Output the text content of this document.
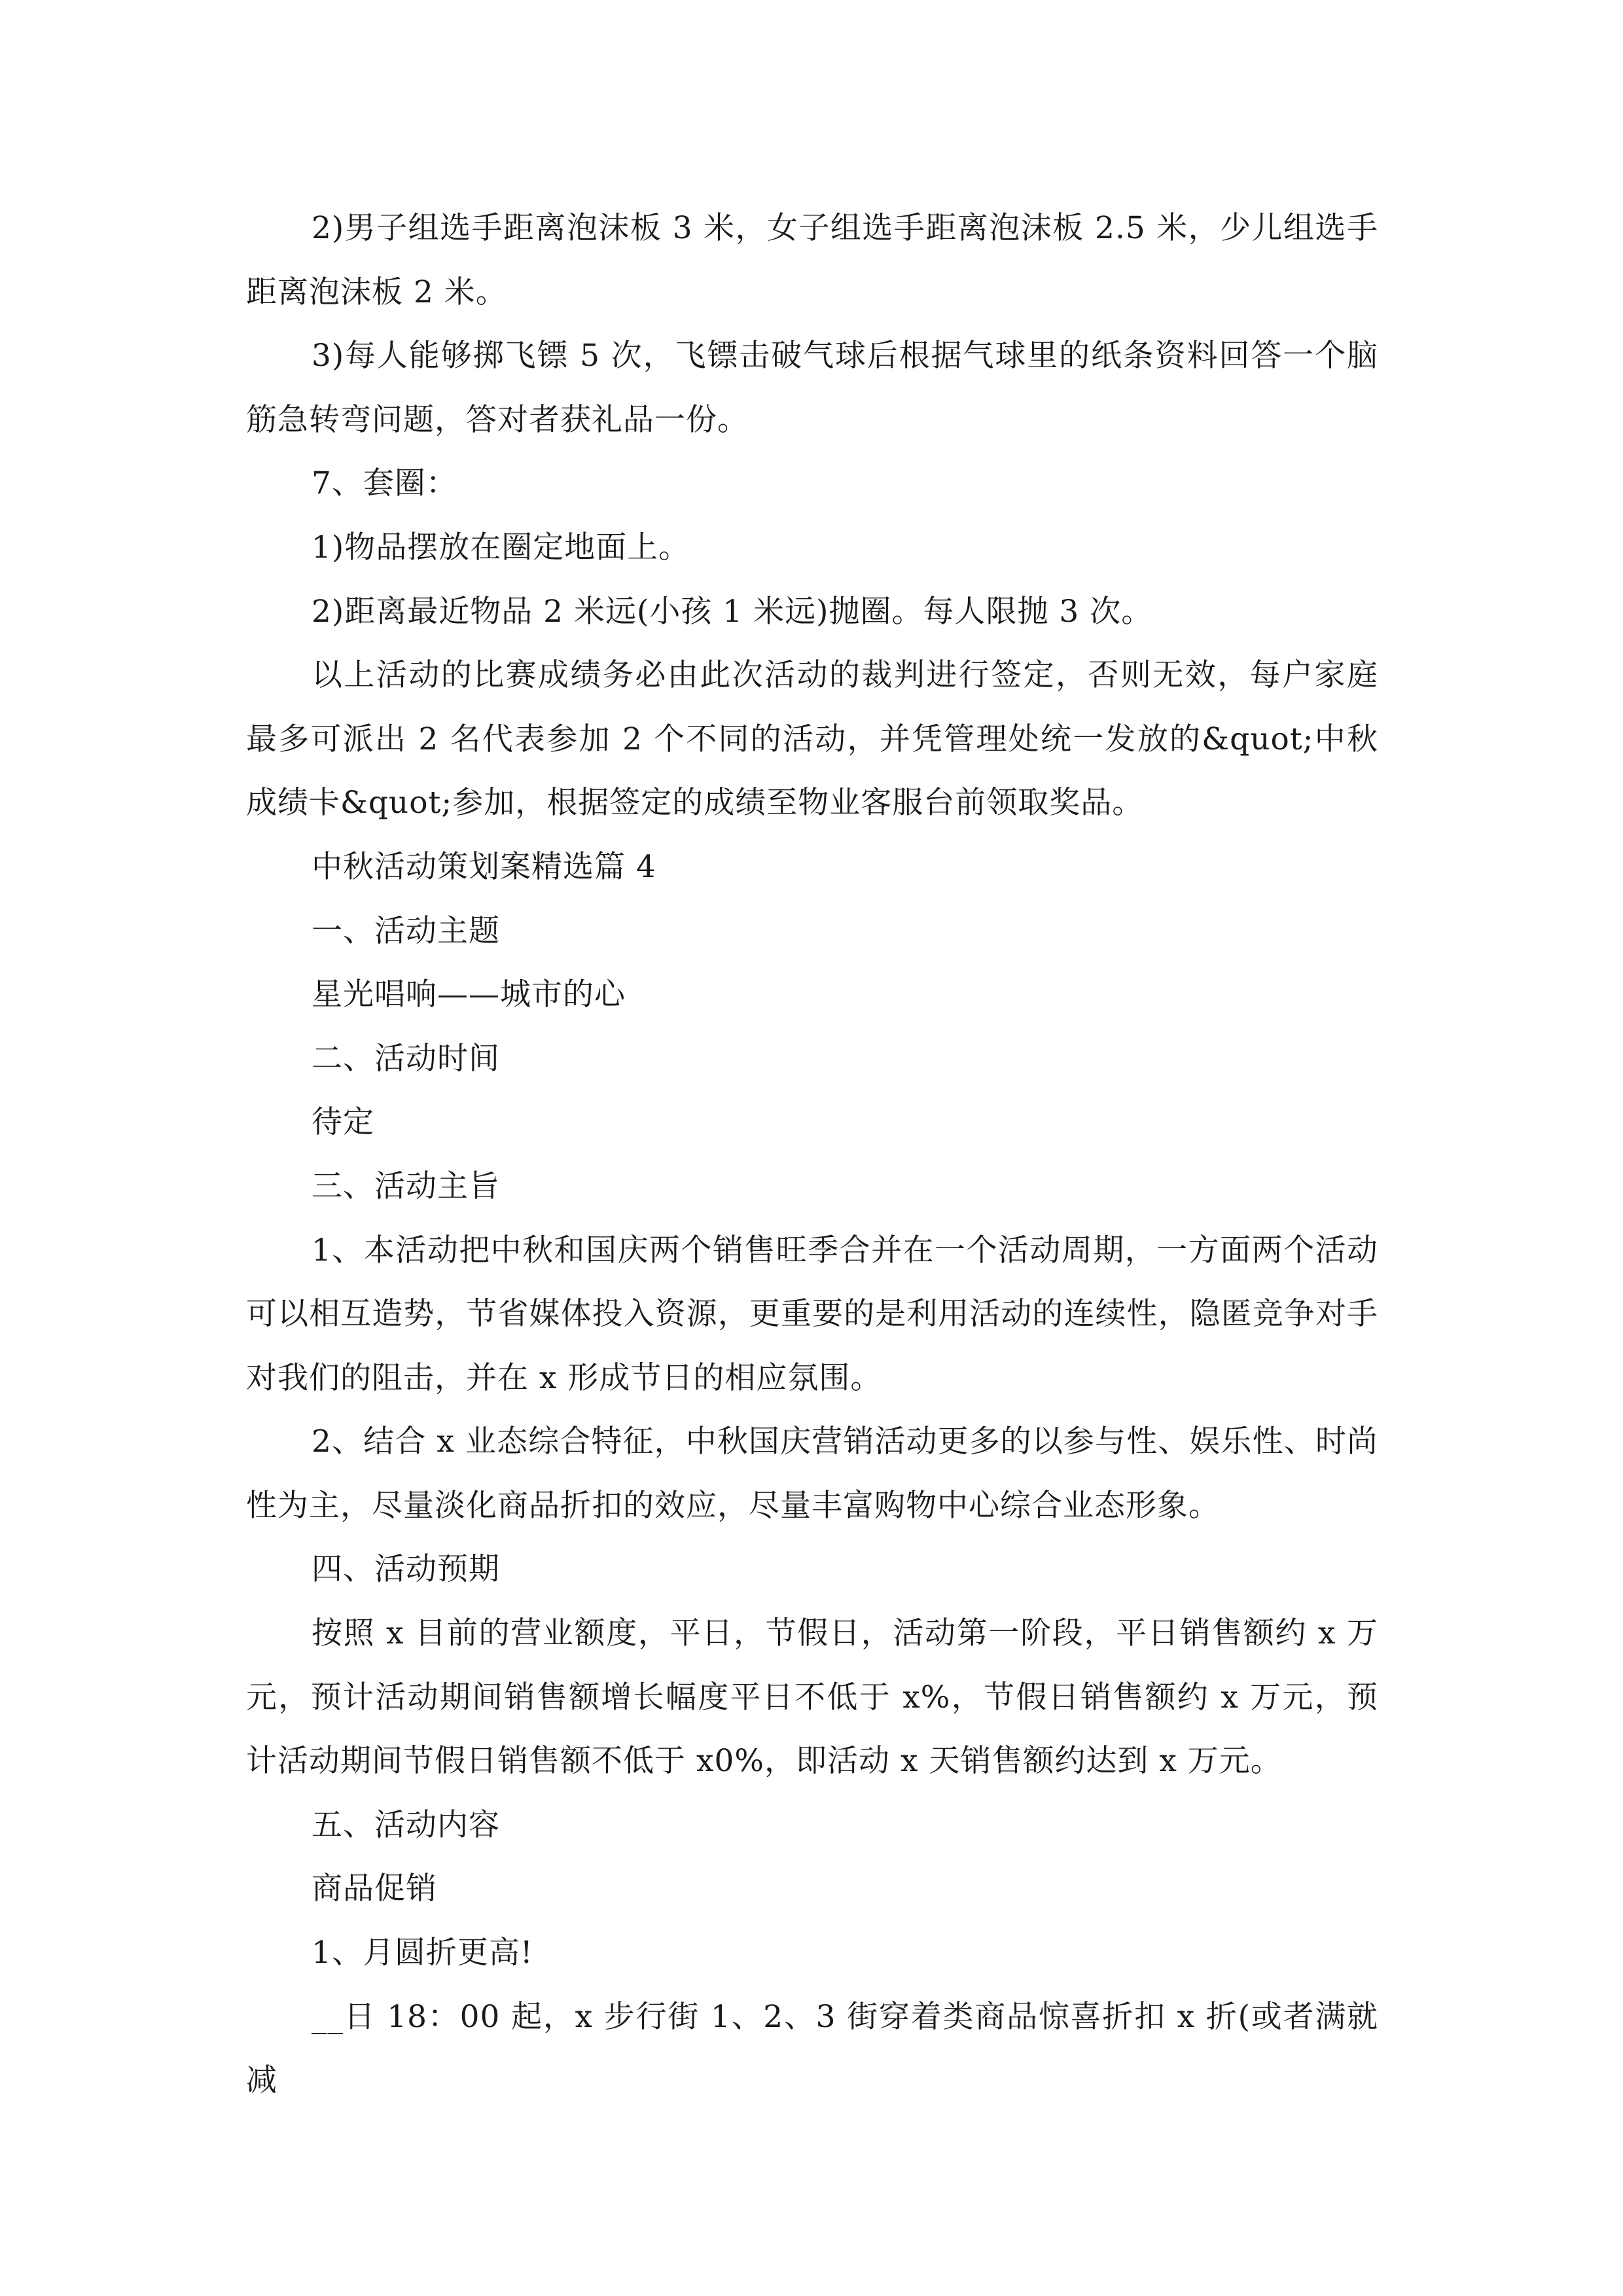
2)男子组选手距离泡沫板 3 米，女子组选手距离泡沫板 2.5 米，少儿组选手距离泡沫板 2 米。

3)每人能够掷飞镖 5 次，飞镖击破气球后根据气球里的纸条资料回答一个脑筋急转弯问题，答对者获礼品一份。

7、套圈：

1)物品摆放在圈定地面上。

2)距离最近物品 2 米远(小孩 1 米远)抛圈。每人限抛 3 次。

以上活动的比赛成绩务必由此次活动的裁判进行签定，否则无效，每户家庭最多可派出 2 名代表参加 2 个不同的活动，并凭管理处统一发放的&quot;中秋成绩卡&quot;参加，根据签定的成绩至物业客服台前领取奖品。

中秋活动策划案精选篇 4

一、活动主题

星光唱响——城市的心

二、活动时间

待定

三、活动主旨

1、本活动把中秋和国庆两个销售旺季合并在一个活动周期，一方面两个活动可以相互造势，节省媒体投入资源，更重要的是利用活动的连续性，隐匿竞争对手对我们的阻击，并在 x 形成节日的相应氛围。

2、结合 x 业态综合特征，中秋国庆营销活动更多的以参与性、娱乐性、时尚性为主，尽量淡化商品折扣的效应，尽量丰富购物中心综合业态形象。

四、活动预期

按照 x 目前的营业额度，平日，节假日，活动第一阶段，平日销售额约 x 万元，预计活动期间销售额增长幅度平日不低于 x%，节假日销售额约 x 万元，预计活动期间节假日销售额不低于 x0%，即活动 x 天销售额约达到 x 万元。

五、活动内容

商品促销

1、月圆折更高!

__日 18：00 起，x 步行街 1、2、3 街穿着类商品惊喜折扣 x 折(或者满就减
